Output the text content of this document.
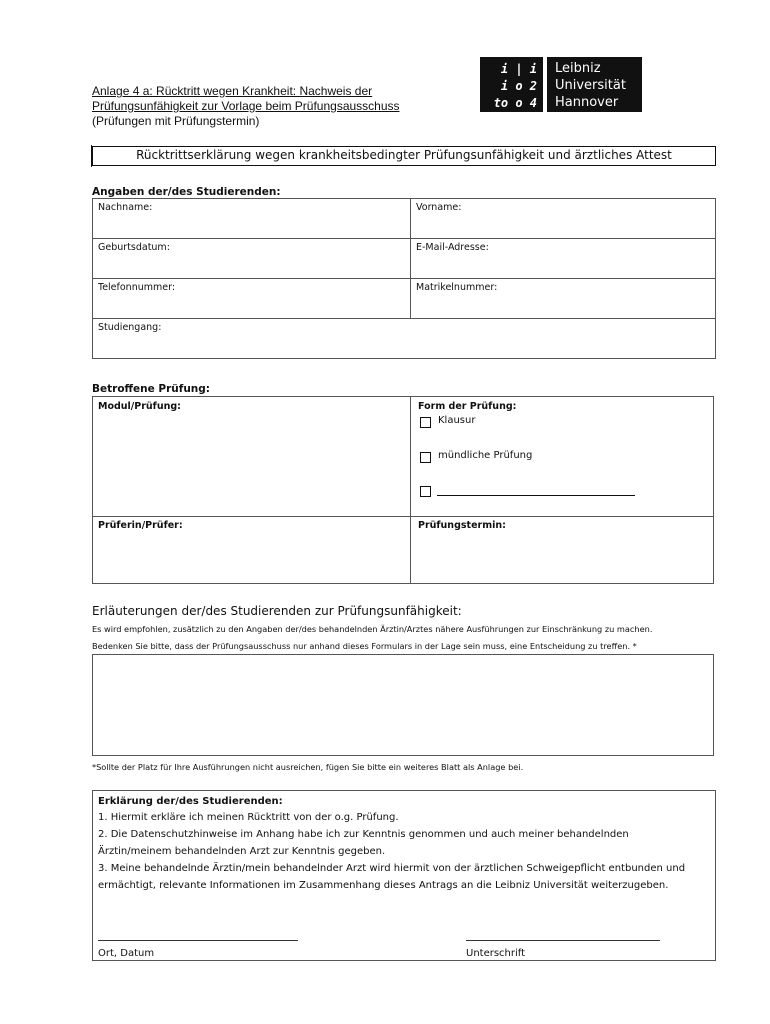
Anlage 4 a: Rücktritt wegen Krankheit: Nachweis der
Prüfungsunfähigkeit zur Vorlage beim Prüfungsausschuss
(Prüfungen mit Prüfungstermin)
i | i
i o 2
to o 4
Leibniz
Universität
Hannover
Rücktrittserklärung wegen krankheitsbedingter Prüfungsunfähigkeit und ärztliches Attest
Angaben der/des Studierenden:
Nachname:	Vorname:
Geburtsdatum:	E-Mail-Adresse:
Telefonnummer:	Matrikelnummer:
Studiengang:
Betroffene Prüfung:
Modul/Prüfung:	Form der Prüfung:
Klausur
mündliche Prüfung
Prüferin/Prüfer:	Prüfungstermin:
Erläuterungen der/des Studierenden zur Prüfungsunfähigkeit:
Es wird empfohlen, zusätzlich zu den Angaben der/des behandelnden Ärztin/Arztes nähere Ausführungen zur Einschränkung zu machen.
Bedenken Sie bitte, dass der Prüfungsausschuss nur anhand dieses Formulars in der Lage sein muss, eine Entscheidung zu treffen. *
*Sollte der Platz für Ihre Ausführungen nicht ausreichen, fügen Sie bitte ein weiteres Blatt als Anlage bei.
Erklärung der/des Studierenden:
1. Hiermit erkläre ich meinen Rücktritt von der o.g. Prüfung.
2. Die Datenschutzhinweise im Anhang habe ich zur Kenntnis genommen und auch meiner behandelnden
Ärztin/meinem behandelnden Arzt zur Kenntnis gegeben.
3. Meine behandelnde Ärztin/mein behandelnder Arzt wird hiermit von der ärztlichen Schweigepflicht entbunden und
ermächtigt, relevante Informationen im Zusammenhang dieses Antrags an die Leibniz Universität weiterzugeben.
Ort, Datum	Unterschrift
